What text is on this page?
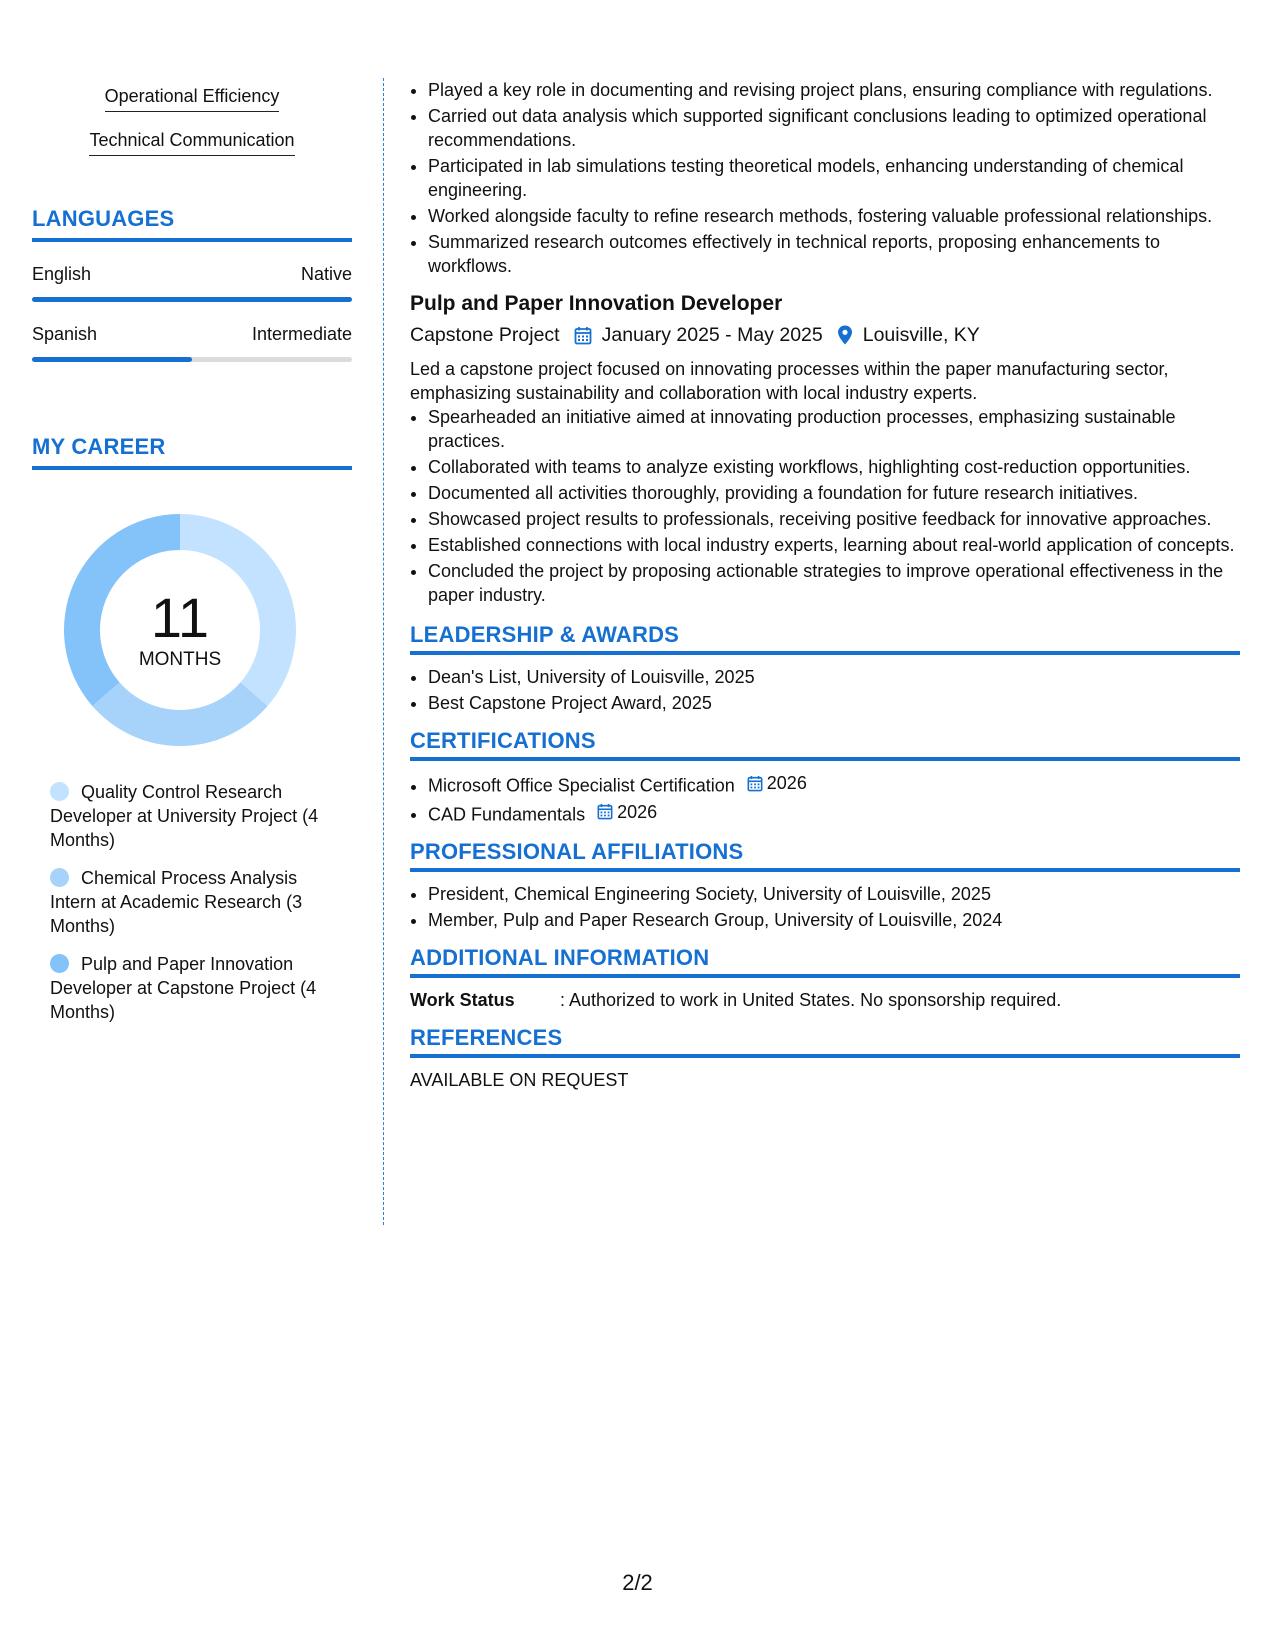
Operational Efficiency
Technical Communication
LANGUAGES
English	Native
Spanish	Intermediate
MY CAREER
11
MONTHS
Quality Control Research Developer at University Project (4 Months)
Chemical Process Analysis Intern at Academic Research (3 Months)
Pulp and Paper Innovation Developer at Capstone Project (4 Months)
• Played a key role in documenting and revising project plans, ensuring compliance with regulations.
• Carried out data analysis which supported significant conclusions leading to optimized operational recommendations.
• Participated in lab simulations testing theoretical models, enhancing understanding of chemical engineering.
• Worked alongside faculty to refine research methods, fostering valuable professional relationships.
• Summarized research outcomes effectively in technical reports, proposing enhancements to workflows.
Pulp and Paper Innovation Developer
Capstone Project January 2025 - May 2025 Louisville, KY
Led a capstone project focused on innovating processes within the paper manufacturing sector, emphasizing sustainability and collaboration with local industry experts.
• Spearheaded an initiative aimed at innovating production processes, emphasizing sustainable practices.
• Collaborated with teams to analyze existing workflows, highlighting cost-reduction opportunities.
• Documented all activities thoroughly, providing a foundation for future research initiatives.
• Showcased project results to professionals, receiving positive feedback for innovative approaches.
• Established connections with local industry experts, learning about real-world application of concepts.
• Concluded the project by proposing actionable strategies to improve operational effectiveness in the paper industry.
LEADERSHIP & AWARDS
• Dean's List, University of Louisville, 2025
• Best Capstone Project Award, 2025
CERTIFICATIONS
• Microsoft Office Specialist Certification 2026
• CAD Fundamentals 2026
PROFESSIONAL AFFILIATIONS
• President, Chemical Engineering Society, University of Louisville, 2025
• Member, Pulp and Paper Research Group, University of Louisville, 2024
ADDITIONAL INFORMATION
Work Status	: Authorized to work in United States. No sponsorship required.
REFERENCES
AVAILABLE ON REQUEST
2/2
